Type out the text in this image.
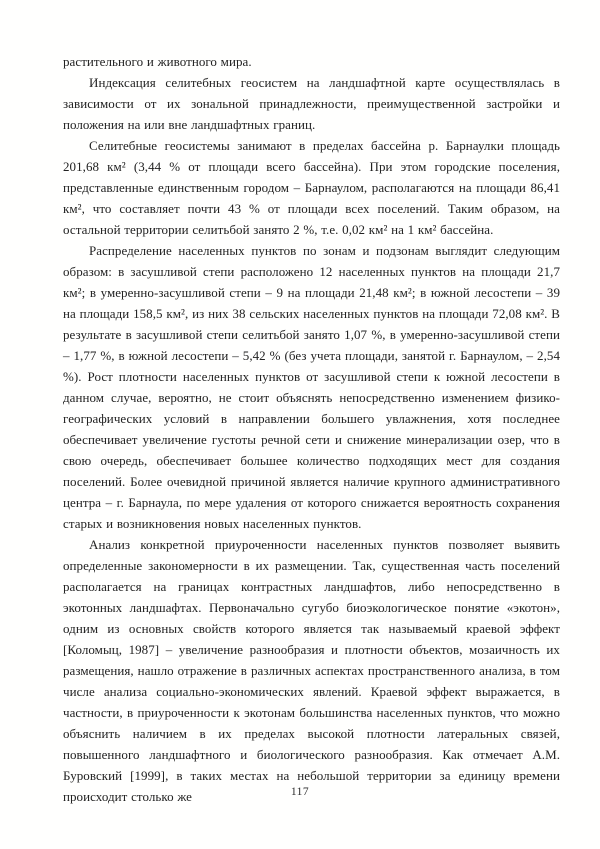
растительного и животного мира.

Индексация селитебных геосистем на ландшафтной карте осуществлялась в зависимости от их зональной принадлежности, преимущественной застройки и положения на или вне ландшафтных границ.

Селитебные геосистемы занимают в пределах бассейна р. Барнаулки площадь 201,68 км² (3,44 % от площади всего бассейна). При этом городские поселения, представленные единственным городом – Барнаулом, располагаются на площади 86,41 км², что составляет почти 43 % от площади всех поселений. Таким образом, на остальной территории селитьбой занято 2 %, т.е. 0,02 км² на 1 км² бассейна.

Распределение населенных пунктов по зонам и подзонам выглядит следующим образом: в засушливой степи расположено 12 населенных пунктов на площади 21,7 км²; в умеренно-засушливой степи – 9 на площади 21,48 км²; в южной лесостепи – 39 на площади 158,5 км², из них 38 сельских населенных пунктов на площади 72,08 км². В результате в засушливой степи селитьбой занято 1,07 %, в умеренно-засушливой степи – 1,77 %, в южной лесостепи – 5,42 % (без учета площади, занятой г. Барнаулом, – 2,54 %). Рост плотности населенных пунктов от засушливой степи к южной лесостепи в данном случае, вероятно, не стоит объяснять непосредственно изменением физико-географических условий в направлении большего увлажнения, хотя последнее обеспечивает увеличение густоты речной сети и снижение минерализации озер, что в свою очередь, обеспечивает большее количество подходящих мест для создания поселений. Более очевидной причиной является наличие крупного административного центра – г. Барнаула, по мере удаления от которого снижается вероятность сохранения старых и возникновения новых населенных пунктов.

Анализ конкретной приуроченности населенных пунктов позволяет выявить определенные закономерности в их размещении. Так, существенная часть поселений располагается на границах контрастных ландшафтов, либо непосредственно в экотонных ландшафтах. Первоначально сугубо биоэкологическое понятие «экотон», одним из основных свойств которого является так называемый краевой эффект [Коломыц, 1987] – увеличение разнообразия и плотности объектов, мозаичность их размещения, нашло отражение в различных аспектах пространственного анализа, в том числе анализа социально-экономических явлений. Краевой эффект выражается, в частности, в приуроченности к экотонам большинства населенных пунктов, что можно объяснить наличием в их пределах высокой плотности латеральных связей, повышенного ландшафтного и биологического разнообразия. Как отмечает А.М. Буровский [1999], в таких местах на небольшой территории за единицу времени происходит столько же	117
